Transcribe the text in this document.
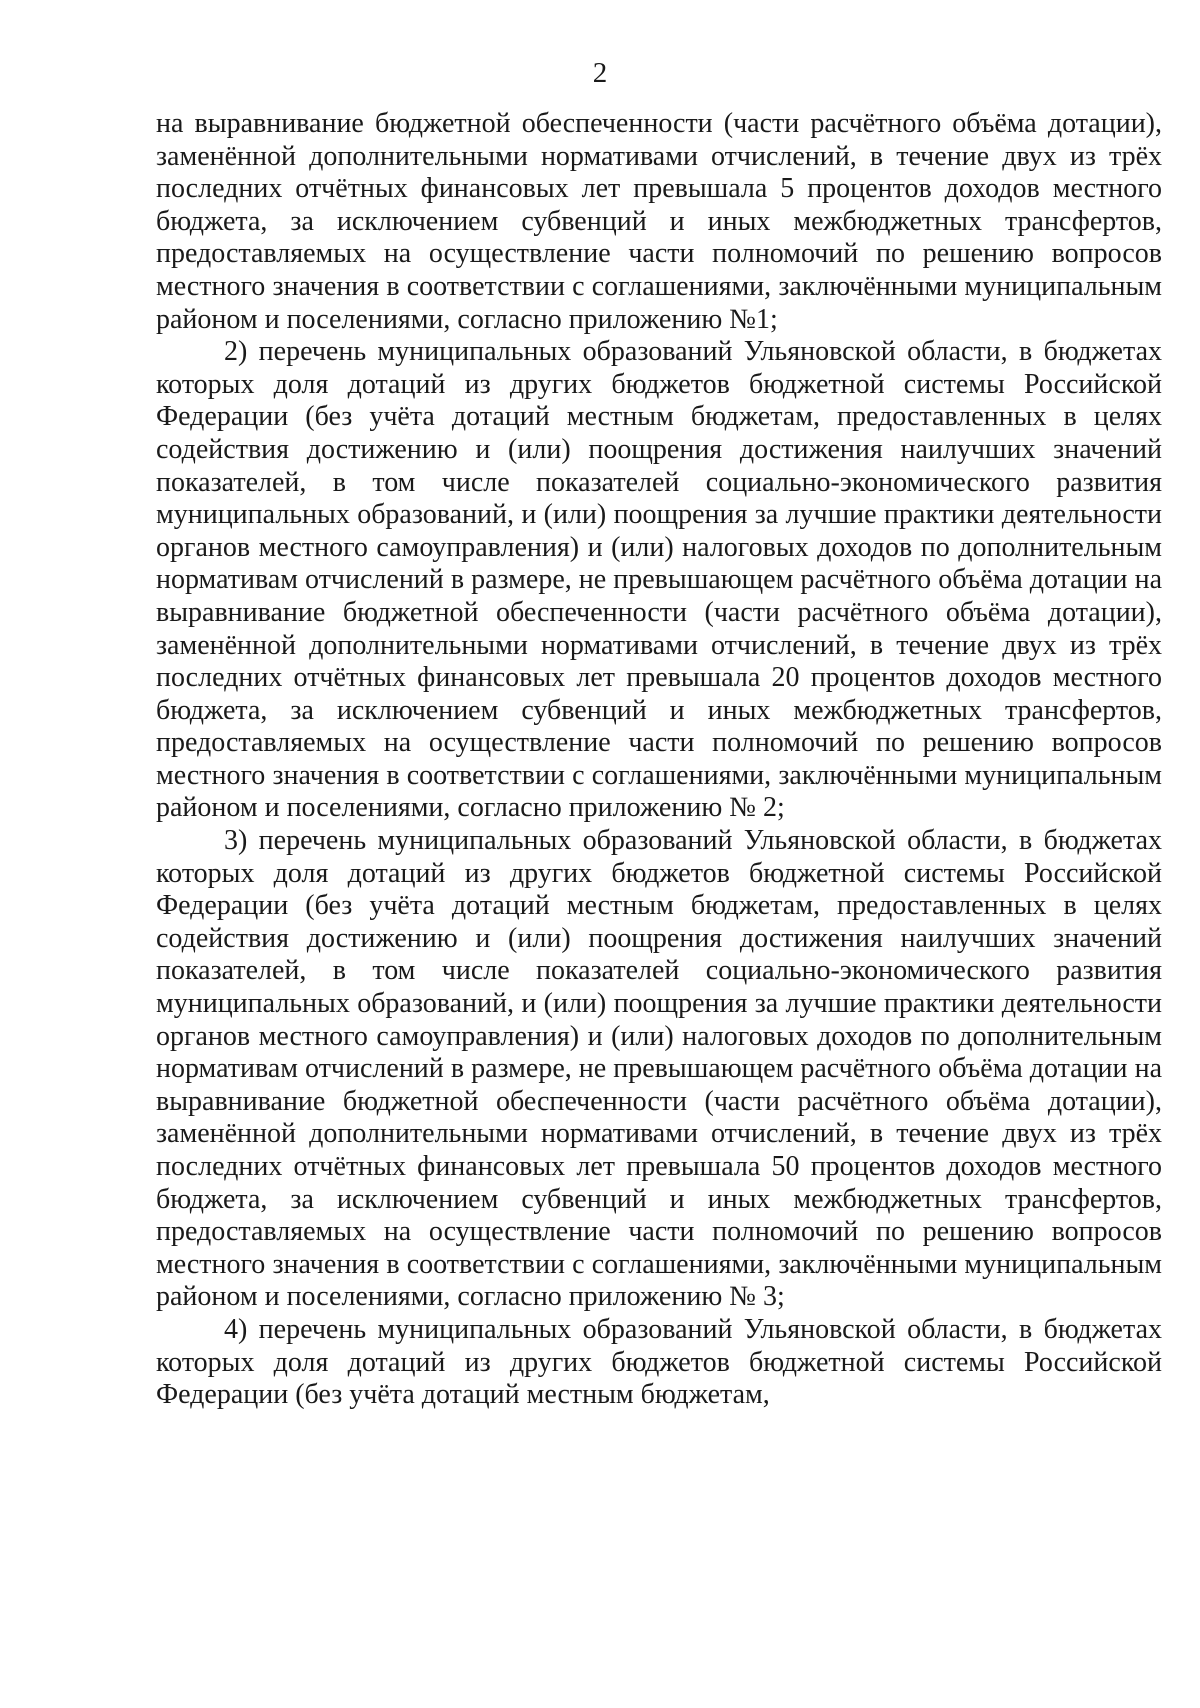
2

на выравнивание бюджетной обеспеченности (части расчётного объёма дотации), заменённой дополнительными нормативами отчислений, в течение двух из трёх последних отчётных финансовых лет превышала 5 процентов доходов местного бюджета, за исключением субвенций и иных межбюджетных трансфертов, предоставляемых на осуществление части полномочий по решению вопросов местного значения в соответствии с соглашениями, заключёнными муниципальным районом и поселениями, согласно приложению №1;

2) перечень муниципальных образований Ульяновской области, в бюджетах которых доля дотаций из других бюджетов бюджетной системы Российской Федерации (без учёта дотаций местным бюджетам, предоставленных в целях содействия достижению и (или) поощрения достижения наилучших значений показателей, в том числе показателей социально-экономического развития муниципальных образований, и (или) поощрения за лучшие практики деятельности органов местного самоуправления) и (или) налоговых доходов по дополнительным нормативам отчислений в размере, не превышающем расчётного объёма дотации на выравнивание бюджетной обеспеченности (части расчётного объёма дотации), заменённой дополнительными нормативами отчислений, в течение двух из трёх последних отчётных финансовых лет превышала 20 процентов доходов местного бюджета, за исключением субвенций и иных межбюджетных трансфертов, предоставляемых на осуществление части полномочий по решению вопросов местного значения в соответствии с соглашениями, заключёнными муниципальным районом и поселениями, согласно приложению № 2;

3) перечень муниципальных образований Ульяновской области, в бюджетах которых доля дотаций из других бюджетов бюджетной системы Российской Федерации (без учёта дотаций местным бюджетам, предоставленных в целях содействия достижению и (или) поощрения достижения наилучших значений показателей, в том числе показателей социально-экономического развития муниципальных образований, и (или) поощрения за лучшие практики деятельности органов местного самоуправления) и (или) налоговых доходов по дополнительным нормативам отчислений в размере, не превышающем расчётного объёма дотации на выравнивание бюджетной обеспеченности (части расчётного объёма дотации), заменённой дополнительными нормативами отчислений, в течение двух из трёх последних отчётных финансовых лет превышала 50 процентов доходов местного бюджета, за исключением субвенций и иных межбюджетных трансфертов, предоставляемых на осуществление части полномочий по решению вопросов местного значения в соответствии с соглашениями, заключёнными муниципальным районом и поселениями, согласно приложению № 3;

4) перечень муниципальных образований Ульяновской области, в бюджетах которых доля дотаций из других бюджетов бюджетной системы Российской Федерации (без учёта дотаций местным бюджетам,
